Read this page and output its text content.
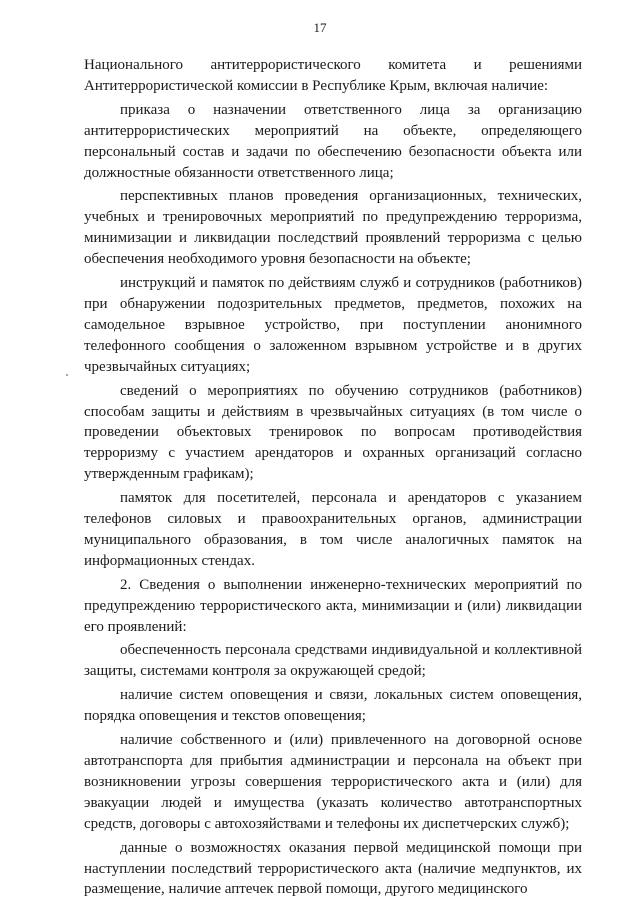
17

Национального антитеррористического комитета и решениями Антитеррористической комиссии в Республике Крым, включая наличие:

приказа о назначении ответственного лица за организацию антитеррористических мероприятий на объекте, определяющего персональный состав и задачи по обеспечению безопасности объекта или должностные обязанности ответственного лица;

перспективных планов проведения организационных, технических, учебных и тренировочных мероприятий по предупреждению терроризма, минимизации и ликвидации последствий проявлений терроризма с целью обеспечения необходимого уровня безопасности на объекте;

инструкций и памяток по действиям служб и сотрудников (работников) при обнаружении подозрительных предметов, предметов, похожих на самодельное взрывное устройство, при поступлении анонимного телефонного сообщения о заложенном взрывном устройстве и в других чрезвычайных ситуациях;

сведений о мероприятиях по обучению сотрудников (работников) способам защиты и действиям в чрезвычайных ситуациях (в том числе о проведении объектовых тренировок по вопросам противодействия терроризму с участием арендаторов и охранных организаций согласно утвержденным графикам);

памяток для посетителей, персонала и арендаторов с указанием телефонов силовых и правоохранительных органов, администрации муниципального образования, в том числе аналогичных памяток на информационных стендах.

2. Сведения о выполнении инженерно-технических мероприятий по предупреждению террористического акта, минимизации и (или) ликвидации его проявлений:

обеспеченность персонала средствами индивидуальной и коллективной защиты, системами контроля за окружающей средой;

наличие систем оповещения и связи, локальных систем оповещения, порядка оповещения и текстов оповещения;

наличие собственного и (или) привлеченного на договорной основе автотранспорта для прибытия администрации и персонала на объект при возникновении угрозы совершения террористического акта и (или) для эвакуации людей и имущества (указать количество автотранспортных средств, договоры с автохозяйствами и телефоны их диспетчерских служб);

данные о возможностях оказания первой медицинской помощи при наступлении последствий террористического акта (наличие медпунктов, их размещение, наличие аптечек первой помощи, другого медицинского
